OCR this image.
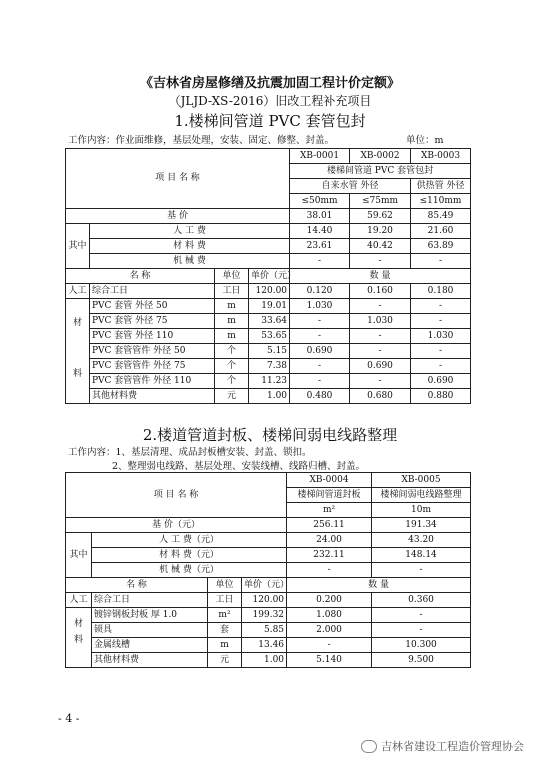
《吉林省房屋修缮及抗震加固工程计价定额》
（JLJD-XS-2016）旧改工程补充项目
1.楼梯间管道 PVC 套管包封
工作内容：作业面维修，基层处理，安装、固定、修整、封盖。	单位：m
项 目 名 称				XB-0001	XB-0002	XB-0003
				楼梯间管道 PVC 套管包封		
				自来水管 外径		供热管 外径
				≤50mm	≤75mm	≤110mm
基 价				38.01	59.62	85.49
其中	人 工 费			14.40	19.20	21.60
	材 料 费			23.61	40.42	63.89
	机 械 费			-	-	-
名 称		单位	单价（元）	数 量		
人工	综合工日	工日	120.00	0.120	0.160	0.180

材
料	PVC 套管 外径 50	m	19.01	1.030	-	-
	PVC 套管 外径 75	m	33.64	-	1.030	-
	PVC 套管 外径 110	m	53.65	-	-	1.030
	PVC 套管管件 外径 50	个	5.15	0.690	-	-
	PVC 套管管件 外径 75	个	7.38	-	0.690	-
	PVC 套管管件 外径 110	个	11.23	-	-	0.690
	其他材料费	元	1.00	0.480	0.680	0.880
2.楼道管道封板、楼梯间弱电线路整理
工作内容：1、基层清理、成品封板槽安装、封盖、锁扣。
2、整理弱电线路、基层处理、安装线槽、线路归槽、封盖。
项 目 名 称				XB-0004	XB-0005
				楼梯间管道封板	楼梯间弱电线路整理
				m²	10m
基 价（元）				256.11	191.34
其中	人 工 费（元）			24.00	43.20
	材 料 费（元）			232.11	148.14
	机 械 费（元）			-	-
名 称		单位	单价（元）	数 量	
人工	综合工日	工日	120.00	0.200	0.360

材
料	镀锌钢板封板 厚 1.0	m²	199.32	1.080	-
	锁具	套	5.85	2.000	-
	金属线槽	m	13.46	-	10.300
	其他材料费	元	1.00	5.140	9.500
- 4 -
吉林省建设工程造价管理协会
